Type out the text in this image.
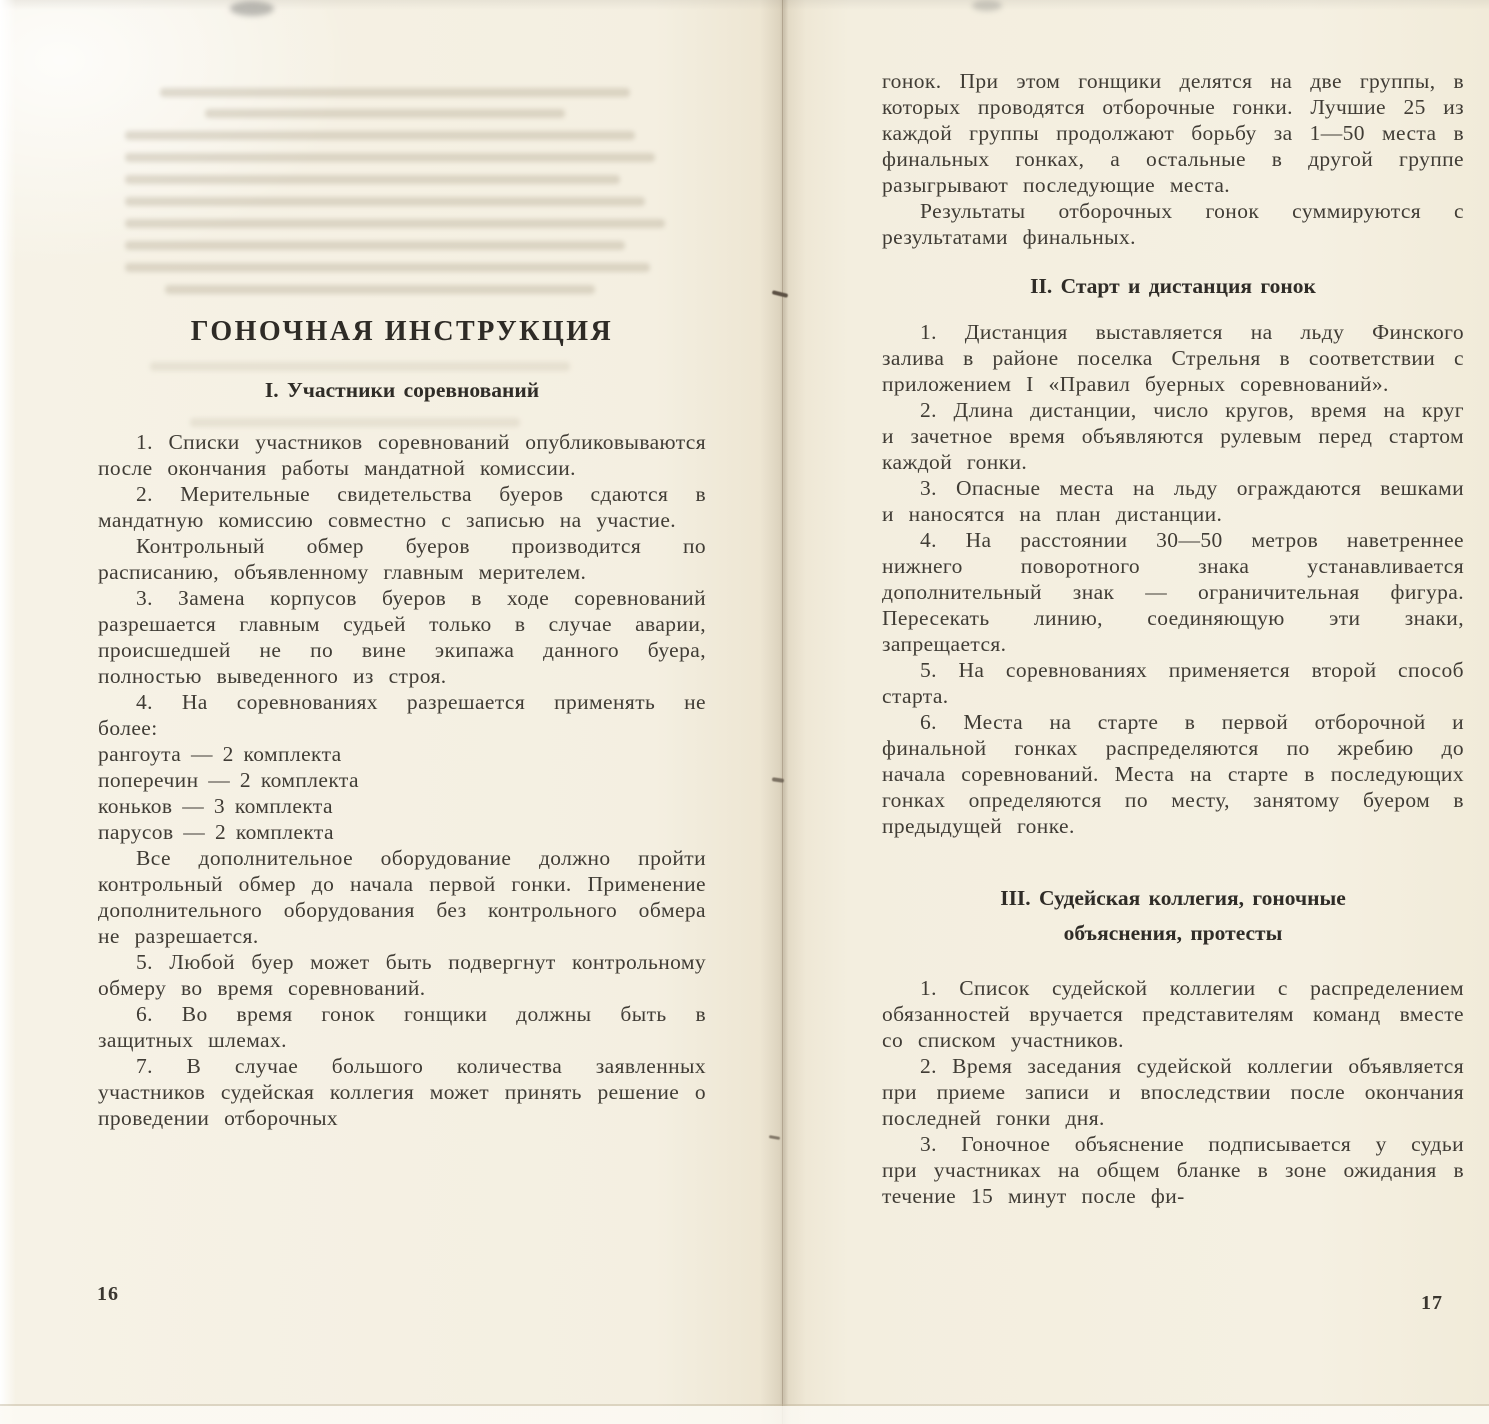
ГОНОЧНАЯ ИНСТРУКЦИЯ
I. Участники соревнований

1. Списки участников соревнований опубликовываются после окончания работы мандатной комиссии.

2. Мерительные свидетельства буеров сдаются в мандатную комиссию совместно с записью на участие.

Контрольный обмер буеров производится по расписанию, объявленному главным мерителем.

3. Замена корпусов буеров в ходе соревнований разрешается главным судьей только в случае аварии, происшедшей не по вине экипажа данного буера, полностью выведенного из строя.

4. На соревнованиях разрешается применять не более:

рангоута — 2 комплекта
поперечин — 2 комплекта
коньков — 3 комплекта
парусов — 2 комплекта

Все дополнительное оборудование должно пройти контрольный обмер до начала первой гонки. Применение дополнительного оборудования без контрольного обмера не разрешается.

5. Любой буер может быть подвергнут контрольному обмеру во время соревнований.

6. Во время гонок гонщики должны быть в защитных шлемах.

7. В случае большого количества заявленных участников судейская коллегия может принять решение о проведении отборочных

16

гонок. При этом гонщики делятся на две группы, в которых проводятся отборочные гонки. Лучшие 25 из каждой группы продолжают борьбу за 1—50 места в финальных гонках, а остальные в другой группе разыгрывают последующие места.

Результаты отборочных гонок суммируются с результатами финальных.

II. Старт и дистанция гонок

1. Дистанция выставляется на льду Финского залива в районе поселка Стрельня в соответствии с приложением I «Правил буерных соревнований».

2. Длина дистанции, число кругов, время на круг и зачетное время объявляются рулевым перед стартом каждой гонки.

3. Опасные места на льду ограждаются вешками и наносятся на план дистанции.

4. На расстоянии 30—50 метров наветреннее нижнего поворотного знака устанавливается дополнительный знак — ограничительная фигура. Пересекать линию, соединяющую эти знаки, запрещается.

5. На соревнованиях применяется второй способ старта.

6. Места на старте в первой отборочной и финальной гонках распределяются по жребию до начала соревнований. Места на старте в последующих гонках определяются по месту, занятому буером в предыдущей гонке.

III. Судейская коллегия, гоночные
объяснения, протесты

1. Список судейской коллегии с распределением обязанностей вручается представителям команд вместе со списком участников.

2. Время заседания судейской коллегии объявляется при приеме записи и впоследствии после окончания последней гонки дня.

3. Гоночное объяснение подписывается у судьи при участниках на общем бланке в зоне ожидания в течение 15 минут после фи-

17
